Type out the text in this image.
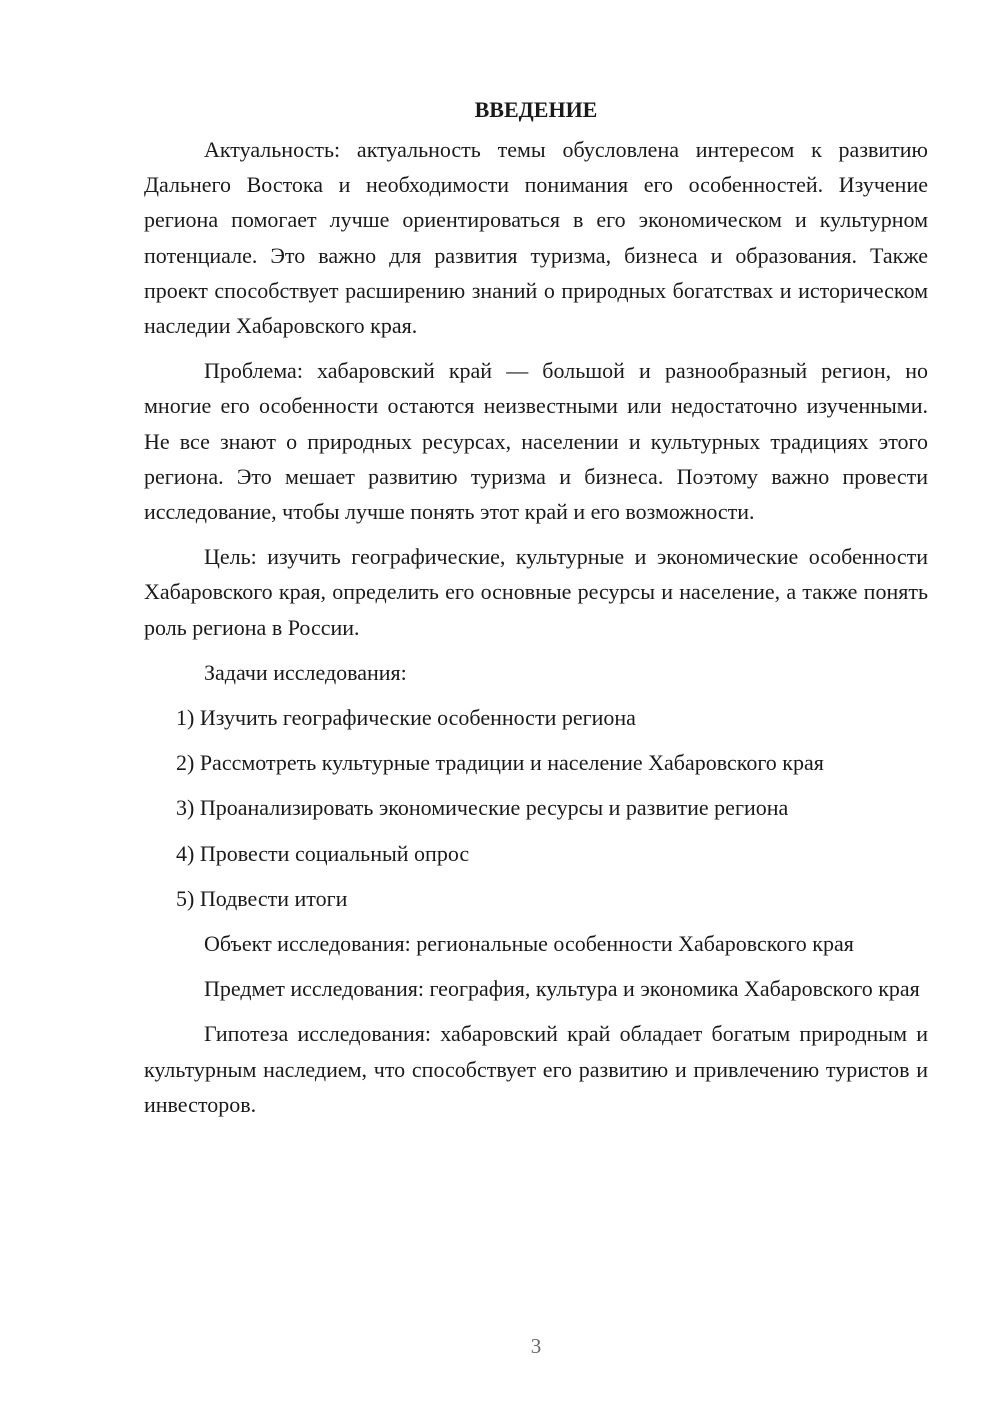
ВВЕДЕНИЕ

Актуальность: актуальность темы обусловлена интересом к развитию Дальнего Востока и необходимости понимания его особенностей. Изучение региона помогает лучше ориентироваться в его экономическом и культурном потенциале. Это важно для развития туризма, бизнеса и образования. Также проект способствует расширению знаний о природных богатствах и историческом наследии Хабаровского края.

Проблема: хабаровский край — большой и разнообразный регион, но многие его особенности остаются неизвестными или недостаточно изученными. Не все знают о природных ресурсах, населении и культурных традициях этого региона. Это мешает развитию туризма и бизнеса. Поэтому важно провести исследование, чтобы лучше понять этот край и его возможности.

Цель: изучить географические, культурные и экономические особенности Хабаровского края, определить его основные ресурсы и население, а также понять роль региона в России.

Задачи исследования:

1) Изучить географические особенности региона
2) Рассмотреть культурные традиции и население Хабаровского края
3) Проанализировать экономические ресурсы и развитие региона
4) Провести социальный опрос
5) Подвести итоги

Объект исследования: региональные особенности Хабаровского края

Предмет исследования: география, культура и экономика Хабаровского края

Гипотеза исследования: хабаровский край обладает богатым природным и культурным наследием, что способствует его развитию и привлечению туристов и инвесторов.

3
